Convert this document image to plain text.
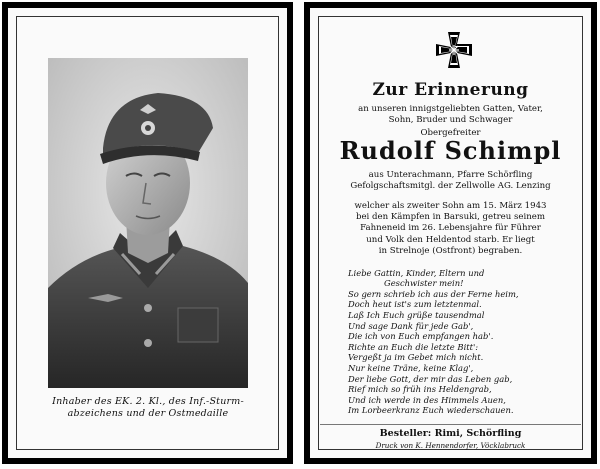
Inhaber des EK. 2. Kl., des Inf.-Sturm-
abzeichens und der Ostmedaille
Zur Erinnerung

an unseren innigstgeliebten Gatten, Vater,

Sohn, Bruder und Schwager

Obergefreiter

Rudolf Schimpl

aus Unterachmann, Pfarre Schörfling

Gefolgschaftsmitgl. der Zellwolle AG. Lenzing

welcher als zweiter Sohn am 15. März 1943

bei den Kämpfen in Barsuki, getreu seinem

Fahneneid im 26. Lebensjahre für Führer

und Volk den Heldentod starb. Er liegt

in Strelnoje (Ostfront) begraben.

Liebe Gattin, Kinder, Eltern und

Geschwister mein!

So gern schrieb ich aus der Ferne heim,

Doch heut ist's zum letztenmal.

Laß Ich Euch grüße tausendmal

Und sage Dank für jede Gab',

Die ich von Euch empfangen hab'.

Richte an Euch die letzte Bitt':

Vergeßt ja im Gebet mich nicht.

Nur keine Träne, keine Klag',

Der liebe Gott, der mir das Leben gab,

Rief mich so früh ins Heldengrab,

Und ich werde in des Himmels Auen,

Im Lorbeerkranz Euch wiederschauen.

Besteller: Rimi, Schörfling
Druck von K. Hennendorfer, Vöcklabruck
